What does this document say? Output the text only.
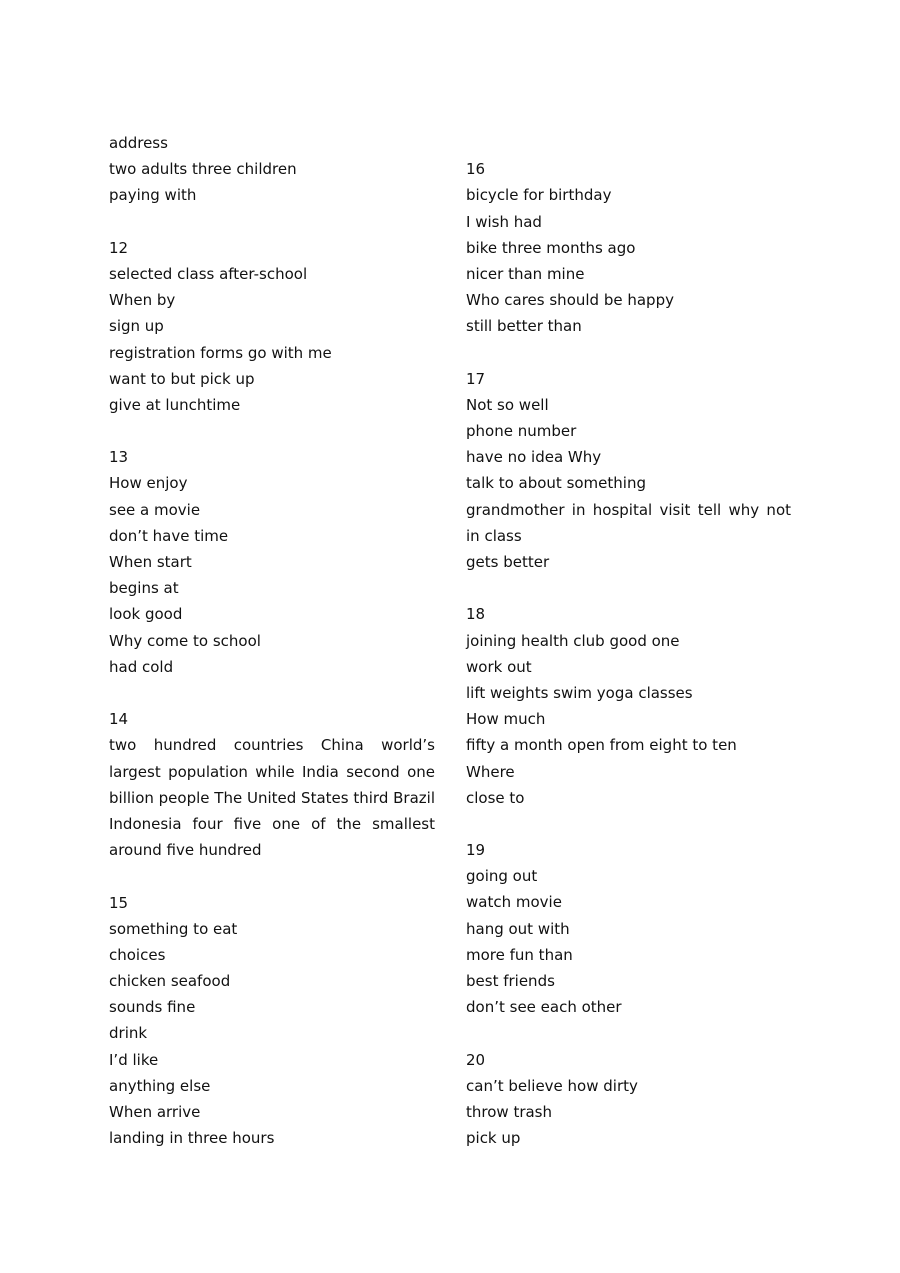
address
two adults three children
paying with
12
selected class after-school
When by
sign up
registration forms go with me
want to but pick up
give at lunchtime
13
How enjoy
see a movie
don’t have time
When start
begins at
look good
Why come to school
had cold
14
two hundred countries China world’s largest population while India second one billion people The United States third Brazil Indonesia four five one of the smallest around five hundred
15
something to eat
choices
chicken seafood
sounds fine
drink
I’d like
anything else
When arrive
landing in three hours
16
bicycle for birthday
I wish had
bike three months ago
nicer than mine
Who cares should be happy
still better than
17
Not so well
phone number
have no idea Why
talk to about something
grandmother in hospital visit tell why not in class
gets better
18
joining health club good one
work out
lift weights swim yoga classes
How much
fifty a month open from eight to ten
Where
close to
19
going out
watch movie
hang out with
more fun than
best friends
don’t see each other
20
can’t believe how dirty
throw trash
pick up
